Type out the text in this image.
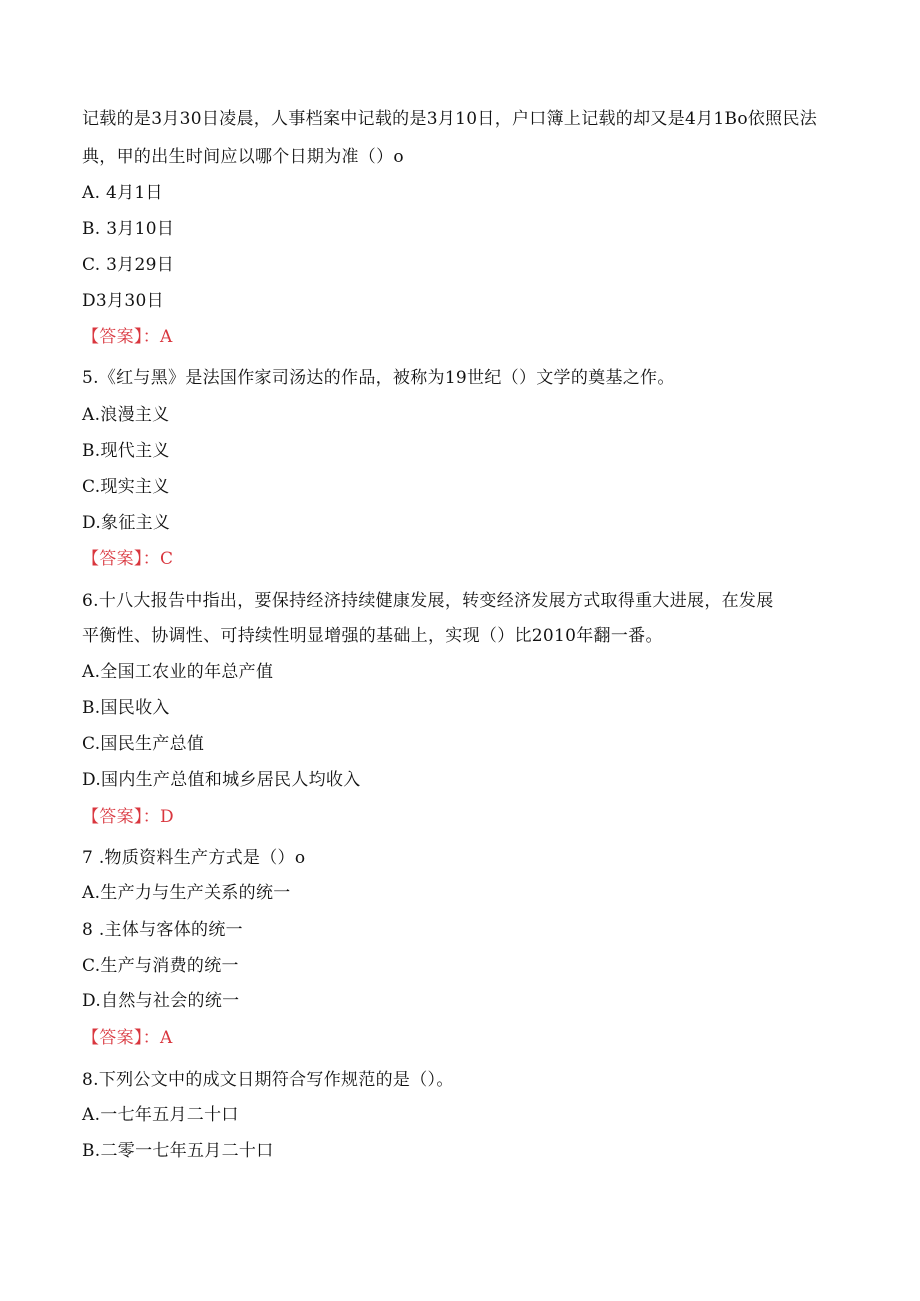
记载的是3月30日凌晨，人事档案中记载的是3月10日，户口簿上记载的却又是4月1Bo依照民法
典，甲的出生时间应以哪个日期为准（）o
A. 4月1日
B. 3月10日
C. 3月29日
D3月30日
【答案】：A
5.《红与黑》是法国作家司汤达的作品，被称为19世纪（）文学的奠基之作。
A.浪漫主义
B.现代主义
C.现实主义
D.象征主义
【答案】：C
6.十八大报告中指出，要保持经济持续健康发展，转变经济发展方式取得重大进展，在发展
平衡性、协调性、可持续性明显增强的基础上，实现（）比2010年翻一番。
A.全国工农业的年总产值
B.国民收入
C.国民生产总值
D.国内生产总值和城乡居民人均收入
【答案】：D
7 .物质资料生产方式是（）o
A.生产力与生产关系的统一
8 .主体与客体的统一
C.生产与消费的统一
D.自然与社会的统一
【答案】：A
8.下列公文中的成文日期符合写作规范的是（）。
A.一七年五月二十口
B.二零一七年五月二十口
